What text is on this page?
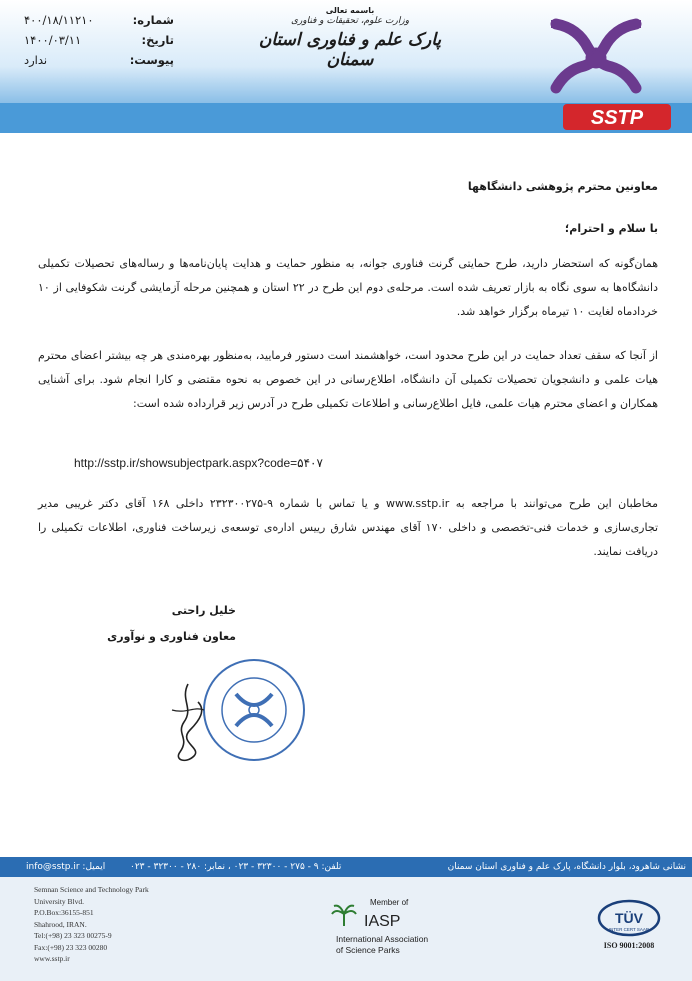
۴۰۰/۱۸/۱۱۲۱۰	شماره:
۱۴۰۰/۰۳/۱۱	تاریخ:
ندارد	پیوست:
باسمه تعالی
وزارت علوم، تحقیقات و فناوری
پارک علم و فناوری استان سمنان
SSTP
معاونین محترم پژوهشی دانشگاهها
با سلام و احترام؛
همان‌گونه که استحضار دارید، طرح حمایتی گرنت فناوری جوانه، به منظور حمایت و هدایت پایان‌نامه‌ها و رساله‌های تحصیلات تکمیلی دانشگاه‌ها به سوی نگاه به بازار تعریف شده است. مرحله‌ی دوم این طرح در ۲۲ استان و همچنین مرحله آزمایشی گرنت شکوفایی از ۱۰ خردادماه لغایت ۱۰ تیرماه برگزار خواهد شد.
از آنجا که سقف تعداد حمایت در این طرح محدود است، خواهشمند است دستور فرمایید، به‌منظور بهره‌مندی هر چه بیشتر اعضای محترم هیات علمی و دانشجویان تحصیلات تکمیلی آن دانشگاه، اطلاع‌رسانی در این خصوص به نحوه مقتضی و کارا انجام شود. برای آشنایی همکاران و اعضای محترم هیات علمی، فایل اطلاع‌رسانی و اطلاعات تکمیلی طرح در آدرس زیر قرارداده شده است:
http://sstp.ir/showsubjectpark.aspx?code=۵۴۰۷
مخاطبان این طرح می‌توانند با مراجعه به www.sstp.ir و یا تماس با شماره ۹-۲۳۲۳۰۰۲۷۵ داخلی ۱۶۸ آقای دکتر غریبی مدیر تجاری‌سازی و خدمات فنی-تخصصی و داخلی ۱۷۰ آقای مهندس شارق رییس اداره‌ی توسعه‌ی زیرساخت فناوری، اطلاعات تکمیلی را دریافت نمایند.
خلیل راحتی
معاون فناوری و نوآوری
نشانی شاهرود، بلوار دانشگاه، پارک علم و فناوری استان سمنان
تلفن: ۹ - ۲۷۵ - ۳۲۳۰۰ - ۰۲۳ ، نمابر: ۲۸۰ - ۳۲۳۰۰ - ۰۲۳
ایمیل: info@sstp.ir
Semnan Science and Technology Park
University Blvd.
P.O.Box:36155-851
Shahrood, IRAN.
Tel:(+98) 23 323 00275-9
Fax:(+98) 23 323 00280
www.sstp.ir
Member of
IASP
International Association
of Science Parks
TÜV
INTER CERT SAAR
ISO 9001:2008
